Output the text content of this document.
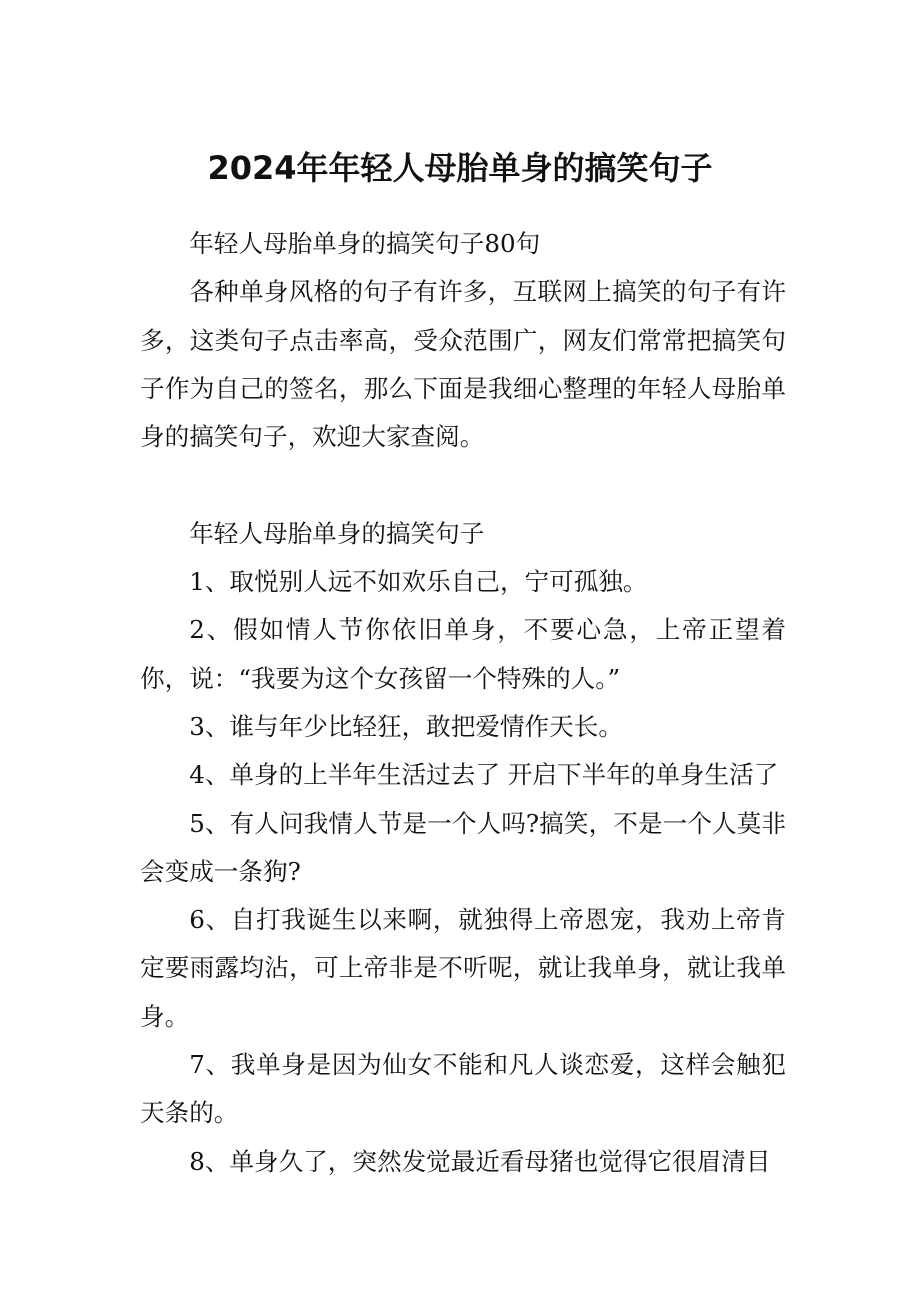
2024年年轻人母胎单身的搞笑句子

年轻人母胎单身的搞笑句子80句

各种单身风格的句子有许多，互联网上搞笑的句子有许多，这类句子点击率高，受众范围广，网友们常常把搞笑句子作为自己的签名，那么下面是我细心整理的年轻人母胎单身的搞笑句子，欢迎大家查阅。

年轻人母胎单身的搞笑句子

1、取悦别人远不如欢乐自己，宁可孤独。

2、假如情人节你依旧单身，不要心急，上帝正望着你，说：“我要为这个女孩留一个特殊的人。”

3、谁与年少比轻狂，敢把爱情作天长。

4、单身的上半年生活过去了 开启下半年的单身生活了

5、有人问我情人节是一个人吗?搞笑，不是一个人莫非会变成一条狗?

6、自打我诞生以来啊，就独得上帝恩宠，我劝上帝肯定要雨露均沾，可上帝非是不听呢，就让我单身，就让我单身。

7、我单身是因为仙女不能和凡人谈恋爱，这样会触犯天条的。

8、单身久了，突然发觉最近看母猪也觉得它很眉清目
